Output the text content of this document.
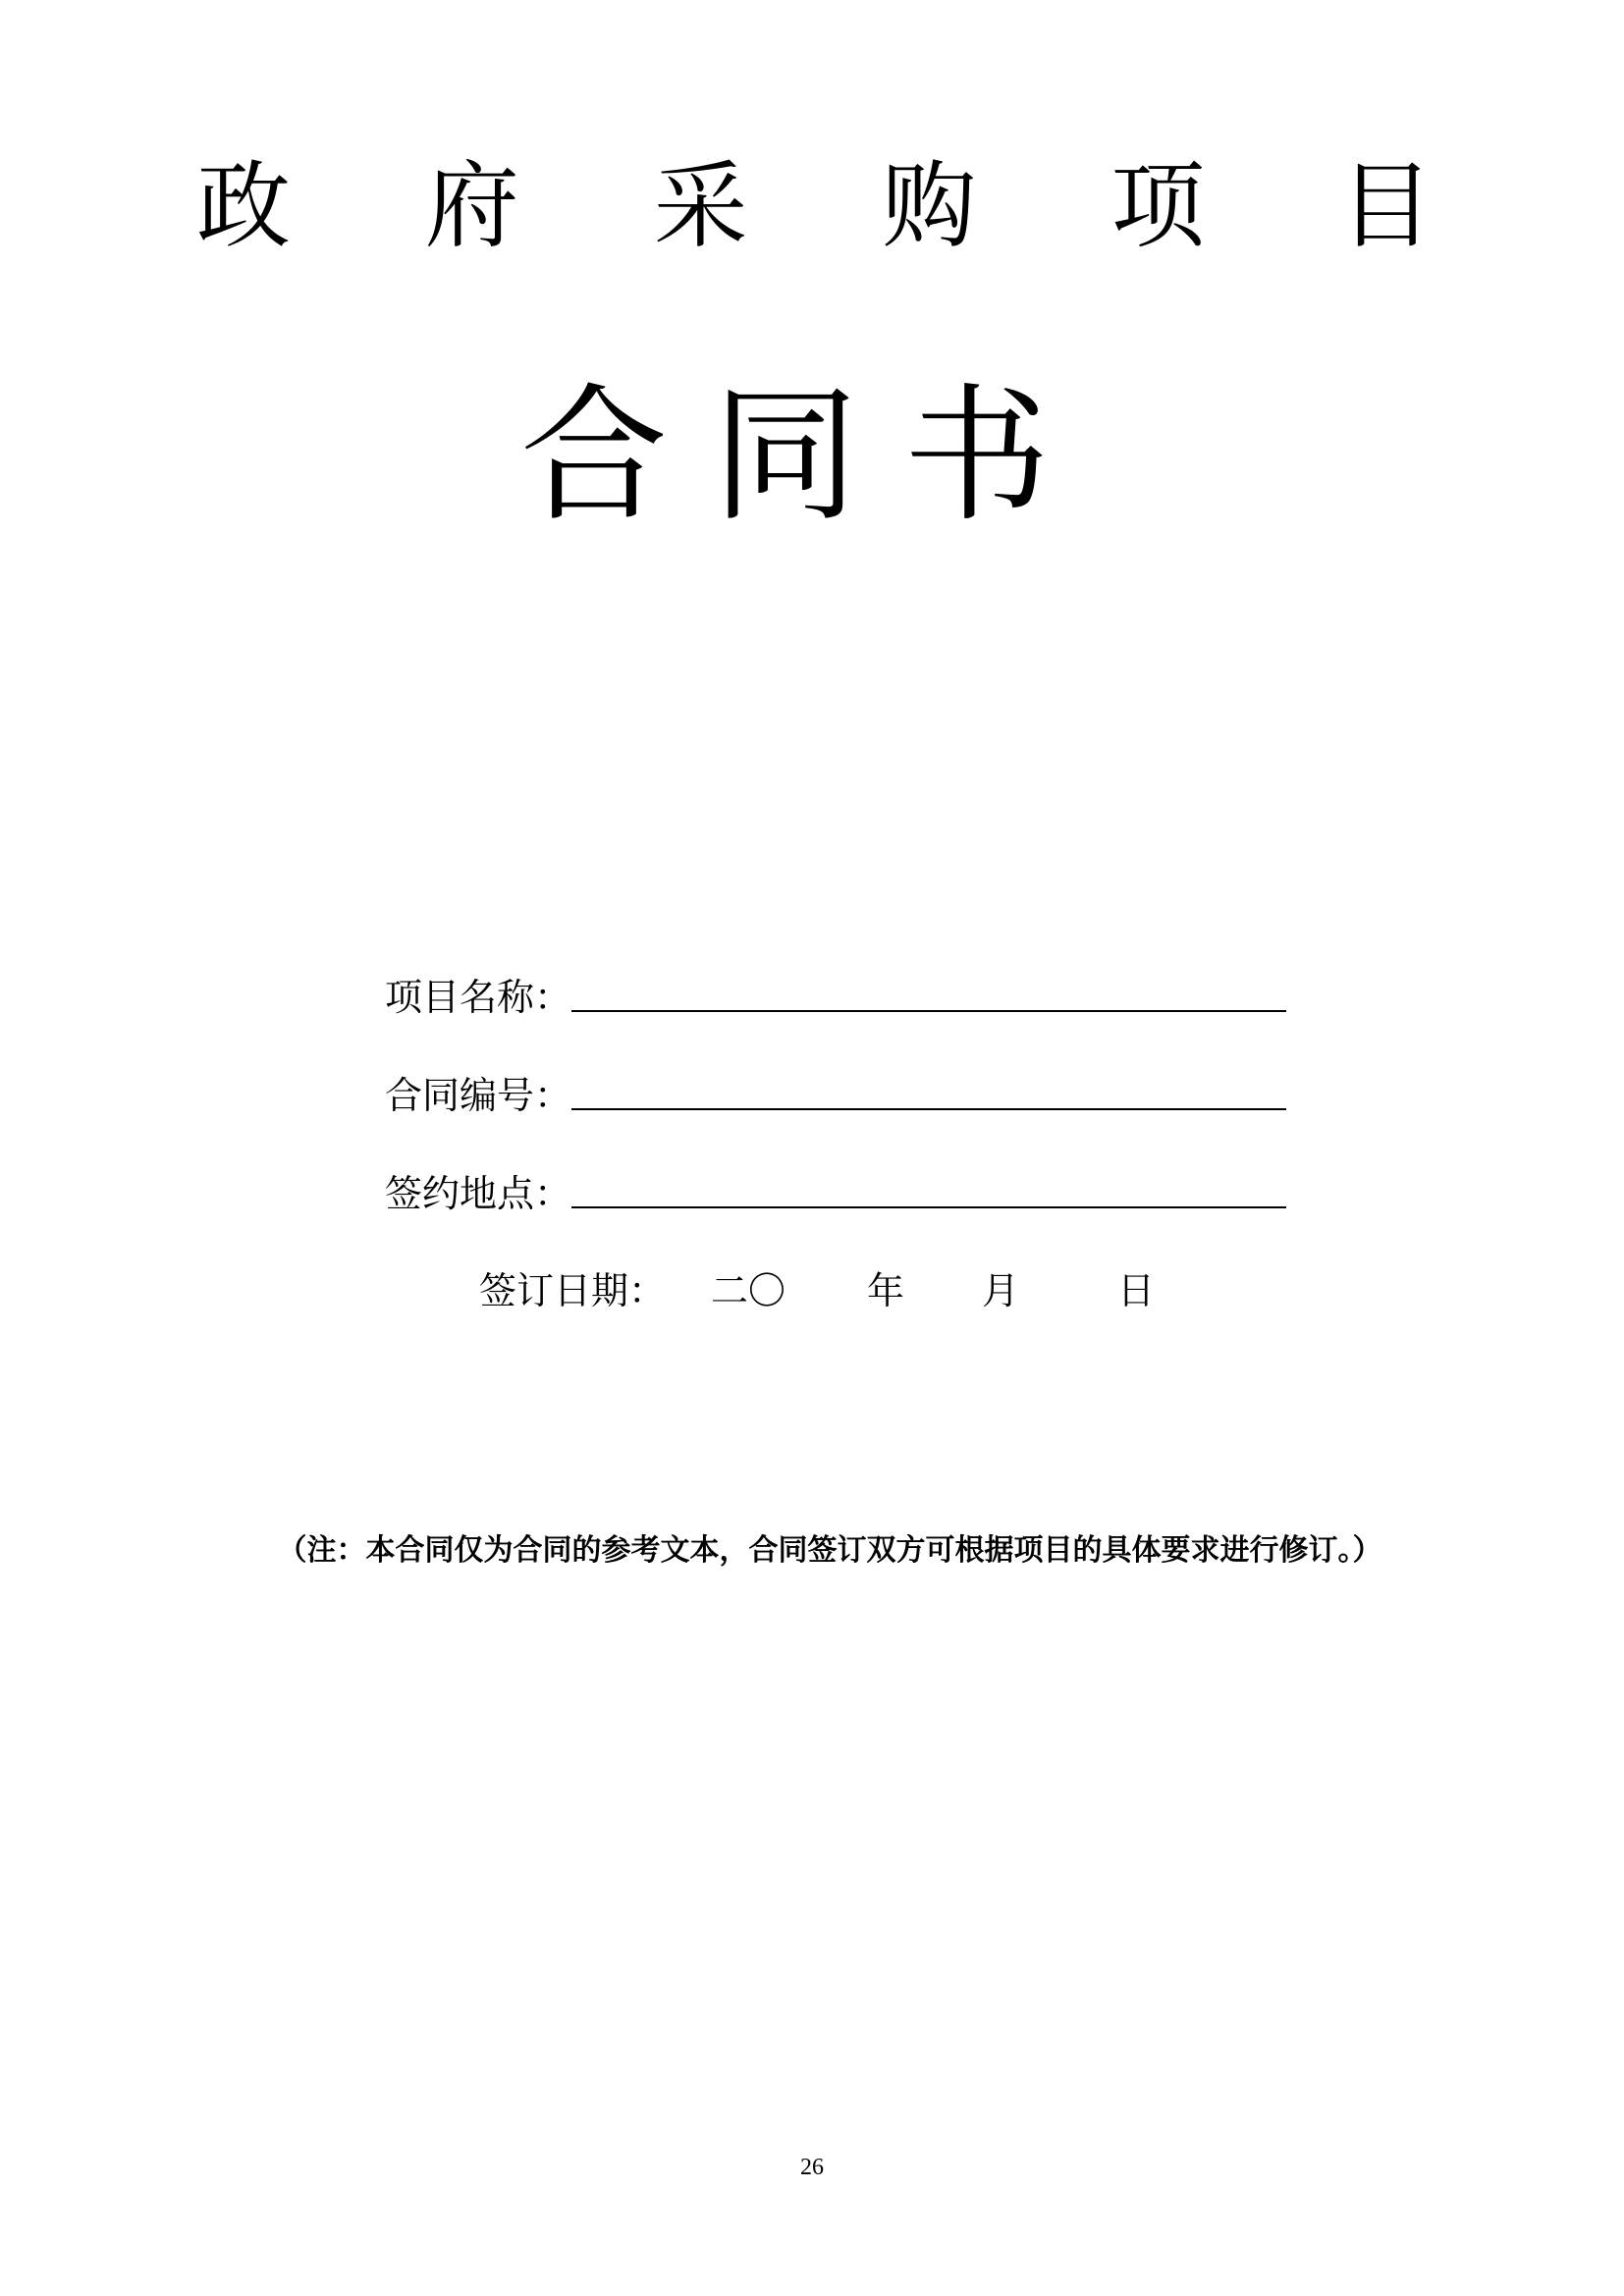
政 府 采 购 项 目
合 同 书
项目名称：
合同编号：
签约地点：
签订日期： 二〇 年 月	日
（注：本合同仅为合同的参考文本，合同签订双方可根据项目的具体要求进行修订。）
26
